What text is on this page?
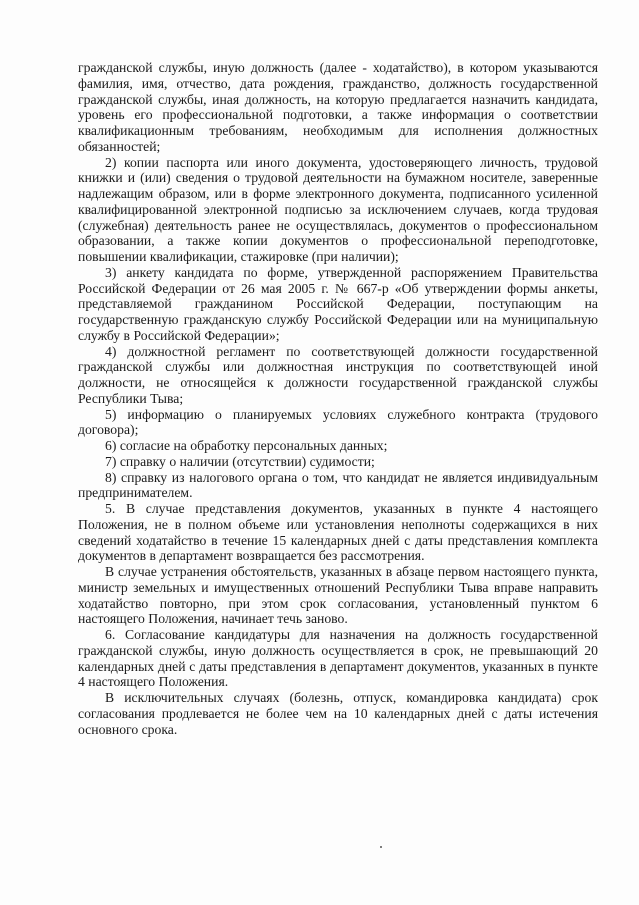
гражданской службы, иную должность (далее - ходатайство), в котором указываются фамилия, имя, отчество, дата рождения, гражданство, должность государственной гражданской службы, иная должность, на которую предлагается назначить кандидата, уровень его профессиональной подготовки, а также информация о соответствии квалификационным требованиям, необходимым для исполнения должностных обязанностей;

2) копии паспорта или иного документа, удостоверяющего личность, трудовой книжки и (или) сведения о трудовой деятельности на бумажном носителе, заверенные надлежащим образом, или в форме электронного документа, подписанного усиленной квалифицированной электронной подписью за исключением случаев, когда трудовая (служебная) деятельность ранее не осуществлялась, документов о профессиональном образовании, а также копии документов о профессиональной переподготовке, повышении квалификации, стажировке (при наличии);

3) анкету кандидата по форме, утвержденной распоряжением Правительства Российской Федерации от 26 мая 2005 г. № 667-р «Об утверждении формы анкеты, представляемой гражданином Российской Федерации, поступающим на государственную гражданскую службу Российской Федерации или на муниципальную службу в Российской Федерации»;

4) должностной регламент по соответствующей должности государственной гражданской службы или должностная инструкция по соответствующей иной должности, не относящейся к должности государственной гражданской службы Республики Тыва;

5) информацию о планируемых условиях служебного контракта (трудового договора);

6) согласие на обработку персональных данных;

7) справку о наличии (отсутствии) судимости;

8) справку из налогового органа о том, что кандидат не является индивидуальным предпринимателем.

5. В случае представления документов, указанных в пункте 4 настоящего Положения, не в полном объеме или установления неполноты содержащихся в них сведений ходатайство в течение 15 календарных дней с даты представления комплекта документов в департамент возвращается без рассмотрения.

В случае устранения обстоятельств, указанных в абзаце первом настоящего пункта, министр земельных и имущественных отношений Республики Тыва вправе направить ходатайство повторно, при этом срок согласования, установленный пунктом 6 настоящего Положения, начинает течь заново.

6. Согласование кандидатуры для назначения на должность государственной гражданской службы, иную должность осуществляется в срок, не превышающий 20 календарных дней с даты представления в департамент документов, указанных в пункте 4 настоящего Положения.

В исключительных случаях (болезнь, отпуск, командировка кандидата) срок согласования продлевается не более чем на 10 календарных дней с даты истечения основного срока.
